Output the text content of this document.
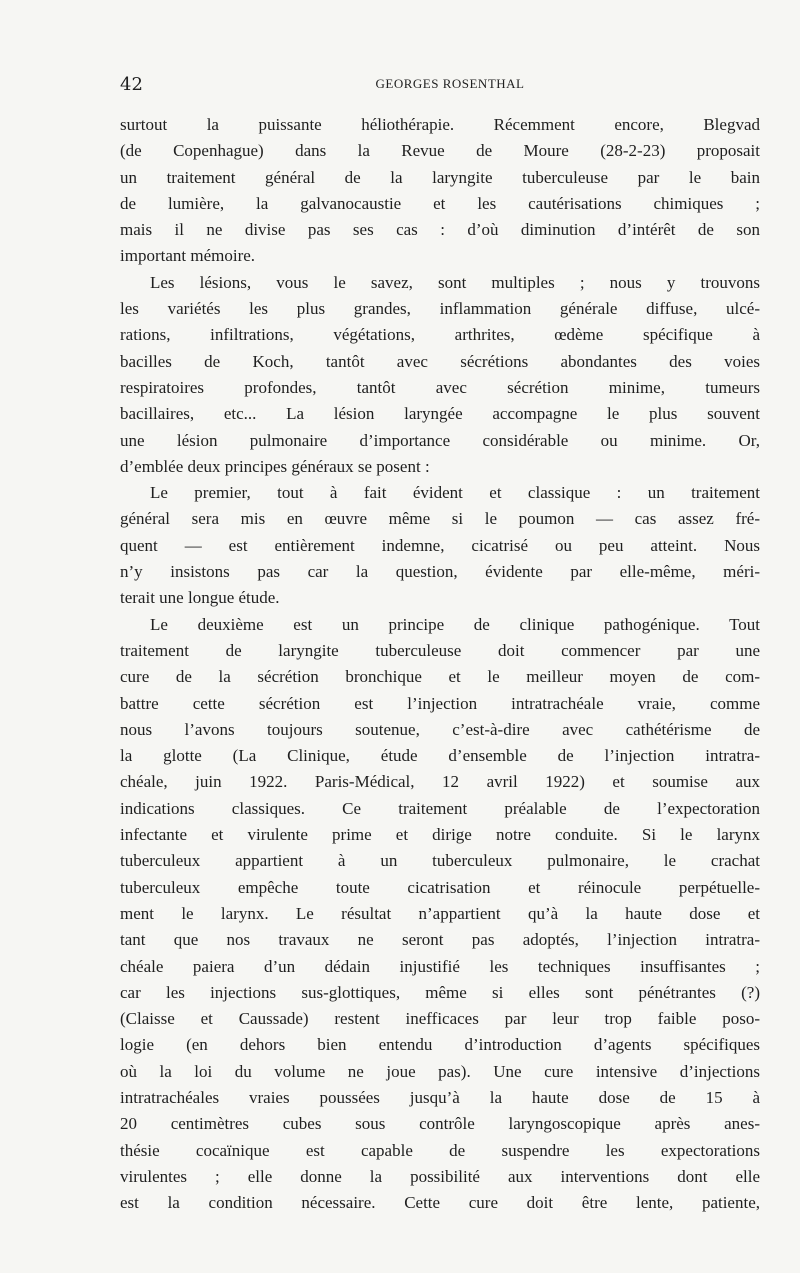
42	GEORGES ROSENTHAL
surtout la puissante héliothérapie. Récemment encore, Blegvad
(de Copenhague) dans la Revue de Moure (28-2-23) proposait
un traitement général de la laryngite tuberculeuse par le bain
de lumière, la galvanocaustie et les cautérisations chimiques ;
mais il ne divise pas ses cas : d’où diminution d’intérêt de son
important mémoire.
Les lésions, vous le savez, sont multiples ; nous y trouvons
les variétés les plus grandes, inflammation générale diffuse, ulcé-
rations, infiltrations, végétations, arthrites, œdème spécifique à
bacilles de Koch, tantôt avec sécrétions abondantes des voies
respiratoires profondes, tantôt avec sécrétion minime, tumeurs
bacillaires, etc... La lésion laryngée accompagne le plus souvent
une lésion pulmonaire d’importance considérable ou minime. Or,
d’emblée deux principes généraux se posent :
Le premier, tout à fait évident et classique : un traitement
général sera mis en œuvre même si le poumon — cas assez fré-
quent — est entièrement indemne, cicatrisé ou peu atteint. Nous
n’y insistons pas car la question, évidente par elle-même, méri-
terait une longue étude.
Le deuxième est un principe de clinique pathogénique. Tout
traitement de laryngite tuberculeuse doit commencer par une
cure de la sécrétion bronchique et le meilleur moyen de com-
battre cette sécrétion est l’injection intratrachéale vraie, comme
nous l’avons toujours soutenue, c’est-à-dire avec cathétérisme de
la glotte (La Clinique, étude d’ensemble de l’injection intratra-
chéale, juin 1922. Paris-Médical, 12 avril 1922) et soumise aux
indications classiques. Ce traitement préalable de l’expectoration
infectante et virulente prime et dirige notre conduite. Si le larynx
tuberculeux appartient à un tuberculeux pulmonaire, le crachat
tuberculeux empêche toute cicatrisation et réinocule perpétuelle-
ment le larynx. Le résultat n’appartient qu’à la haute dose et
tant que nos travaux ne seront pas adoptés, l’injection intratra-
chéale paiera d’un dédain injustifié les techniques insuffisantes ;
car les injections sus-glottiques, même si elles sont pénétrantes (?)
(Claisse et Caussade) restent inefficaces par leur trop faible poso-
logie (en dehors bien entendu d’introduction d’agents spécifiques
où la loi du volume ne joue pas). Une cure intensive d’injections
intratrachéales vraies poussées jusqu’à la haute dose de 15 à
20 centimètres cubes sous contrôle laryngoscopique après anes-
thésie cocaïnique est capable de suspendre les expectorations
virulentes ; elle donne la possibilité aux interventions dont elle
est la condition nécessaire. Cette cure doit être lente, patiente,
